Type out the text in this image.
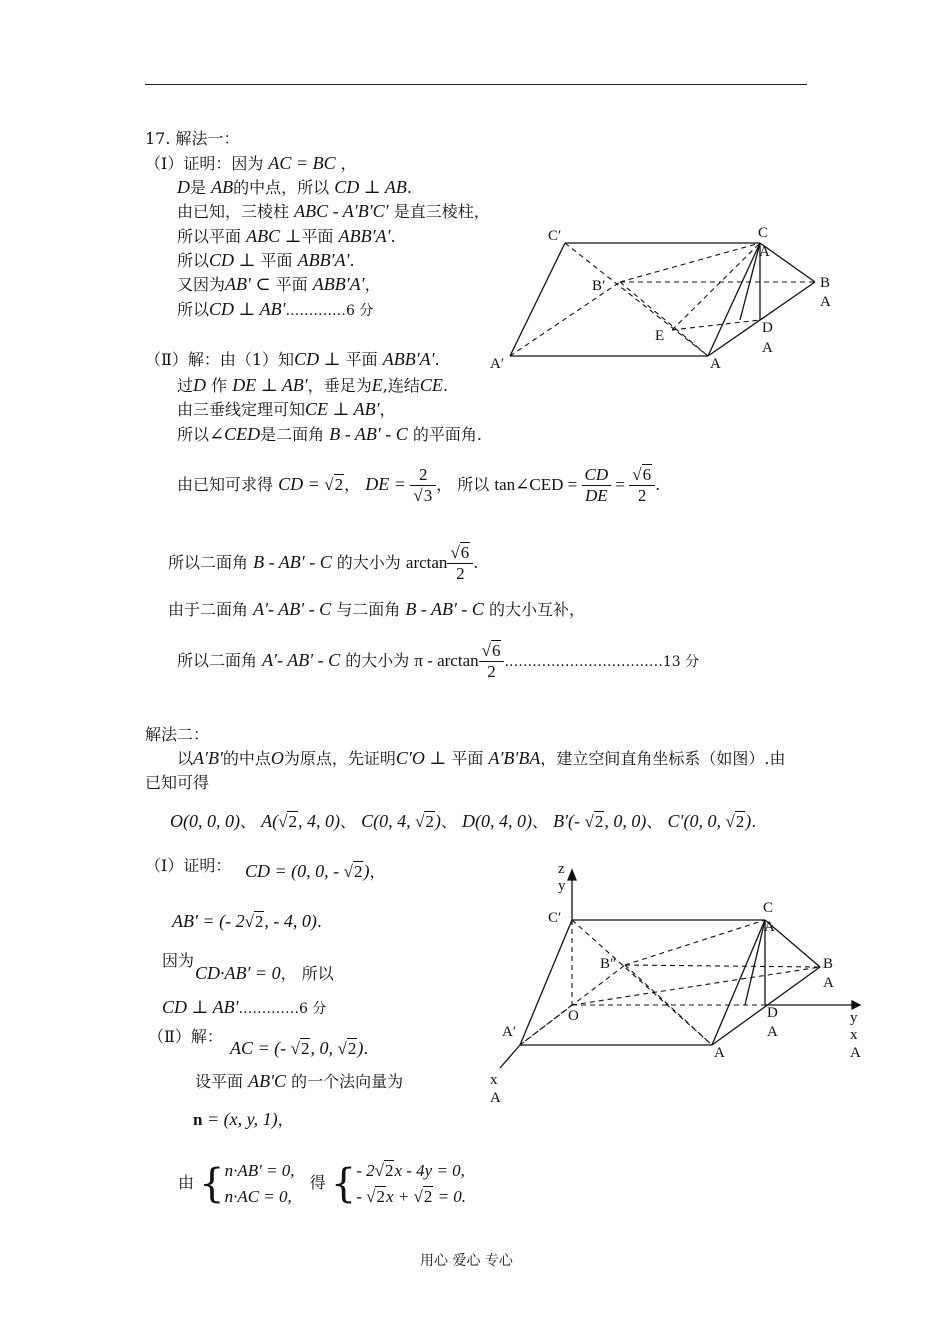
17. 解法一：
（Ⅰ）证明：因为 AC = BC ，
D是 AB的中点，所以 CD ⊥ AB.
由已知，三棱柱 ABC - A′B′C′ 是直三棱柱，
所以平面 ABC ⊥平面 ABB′A′.
所以CD ⊥ 平面 ABB′A′.
又因为AB′ ⊂ 平面 ABB′A′，
所以CD ⊥ AB′.…………6 分
（Ⅱ）解：由（1）知CD ⊥ 平面 ABB′A′.
过D 作 DE ⊥ AB′，垂足为E,连结CE.
由三垂线定理可知CE ⊥ AB′，
所以∠CED是二面角 B - AB′ - C 的平面角.
由已知可求得 CD = √2， DE = $\frac{2}{√3}$ ， 所以 tan∠CED = $\frac{CD}{DE} = \frac{√6}{2}$ .
所以二面角 B - AB′ - C 的大小为 $\arctan \frac{√6}{2}$ .
由于二面角 A′- AB′ - C 与二面角 B - AB′ - C 的大小互补，
所以二面角 A′- AB′ - C 的大小为 π - $\arctan \frac{√6}{2}$ .……………………………13 分
C′	C
A
B′	B
A
D
A
E
A′	A
解法二：
以A′B′的中点O为原点，先证明C′O ⊥ 平面 A′B′BA，建立空间直角坐标系（如图）.由
已知可得
O(0, 0, 0)、 A(√2, 4, 0)、 C(0, 4, √2)、 D(0, 4, 0)、 B′(- √2, 0, 0)、 C′(0, 0, √2).
（Ⅰ）证明： CD = (0, 0, - √2)，
AB′ = (- 2√2, - 4, 0).
因为
CD·AB′ = 0， 所以
CD ⊥ AB′.…………6 分
（Ⅱ）解：
AC = (- √2, 0, √2).
设平面 AB′C 的一个法向量为
n = (x, y, 1)，
由 { n·AB′ = 0,
n·AC = 0,
得 { - 2√2x - 4y = 0,
- √2x + √2 = 0.
z
y
C′
C
A
B″	B
A
O	D
A
y
x
A
A′
A
x
A
用心 爱心 专心
